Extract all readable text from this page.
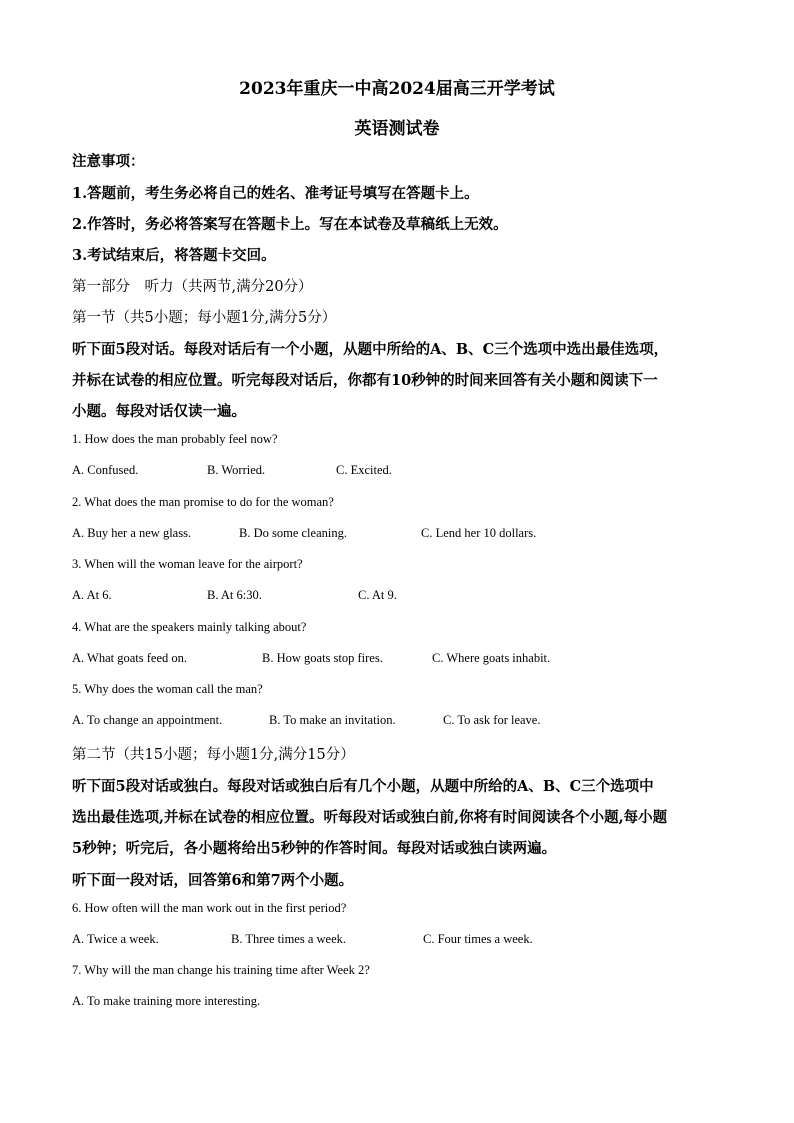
2023年重庆一中高2024届高三开学考试
英语测试卷
注意事项：
1.答题前，考生务必将自己的姓名、准考证号填写在答题卡上。
2.作答时，务必将答案写在答题卡上。写在本试卷及草稿纸上无效。
3.考试结束后，将答题卡交回。
第一部分　听力（共两节,满分20分）
第一节（共5小题；每小题1分,满分5分）
听下面5段对话。每段对话后有一个小题，从题中所给的A、B、C三个选项中选出最佳选项，
并标在试卷的相应位置。听完每段对话后，你都有10秒钟的时间来回答有关小题和阅读下一
小题。每段对话仅读一遍。
1. How does the man probably feel now?
A. Confused.	B. Worried.	C. Excited.
2. What does the man promise to do for the woman?
A. Buy her a new glass.	B. Do some cleaning.	C. Lend her 10 dollars.
3. When will the woman leave for the airport?
A. At 6.	B. At 6:30.	C. At 9.
4. What are the speakers mainly talking about?
A. What goats feed on.	B. How goats stop fires.	C. Where goats inhabit.
5. Why does the woman call the man?
A. To change an appointment.	B. To make an invitation.	C. To ask for leave.
第二节（共15小题；每小题1分,满分15分）
听下面5段对话或独白。每段对话或独白后有几个小题，从题中所给的A、B、C三个选项中
选出最佳选项,并标在试卷的相应位置。听每段对话或独白前,你将有时间阅读各个小题,每小题
5秒钟；听完后，各小题将给出5秒钟的作答时间。每段对话或独白读两遍。
听下面一段对话，回答第6和第7两个小题。
6. How often will the man work out in the first period?
A. Twice a week.	B. Three times a week.	C. Four times a week.
7. Why will the man change his training time after Week 2?
A. To make training more interesting.
